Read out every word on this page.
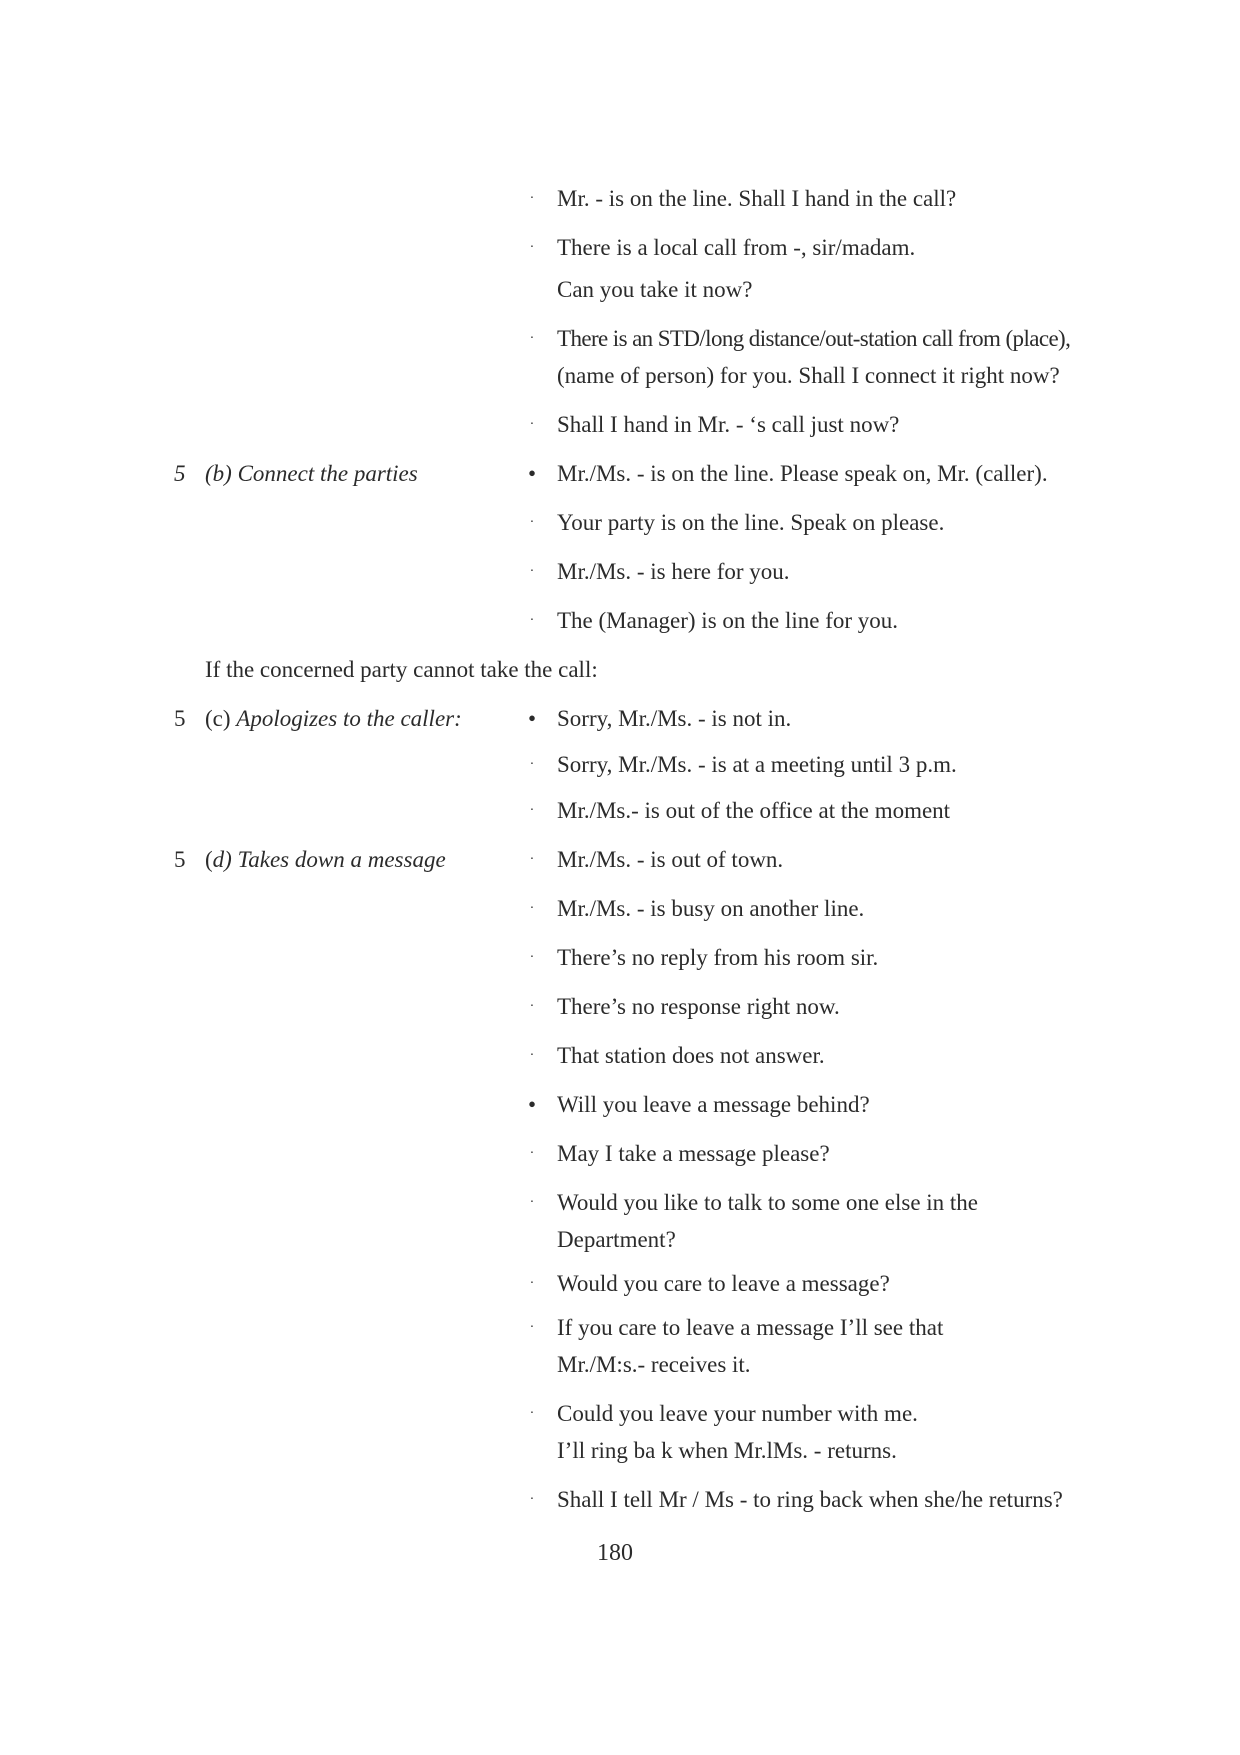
· Mr. - is on the line. Shall I hand in the call?
· There is a local call from -, sir/madam.
Can you take it now?
· There is an STD/long distance/out-station call from (place),
(name of person) for you. Shall I connect it right now?
· Shall I hand in Mr. - ‘s call just now?
5 (b) Connect the parties	• Mr./Ms. - is on the line. Please speak on, Mr. (caller).
· Your party is on the line. Speak on please.
· Mr./Ms. - is here for you.
· The (Manager) is on the line for you.
If the concerned party cannot take the call:
5 (c) Apologizes to the caller:	• Sorry, Mr./Ms. - is not in.
· Sorry, Mr./Ms. - is at a meeting until 3 p.m.
· Mr./Ms.- is out of the office at the moment
5 (d) Takes down a message	· Mr./Ms. - is out of town.
· Mr./Ms. - is busy on another line.
· There’s no reply from his room sir.
· There’s no response right now.
· That station does not answer.
• Will you leave a message behind?
· May I take a message please?
· Would you like to talk to some one else in the
Department?
· Would you care to leave a message?
· If you care to leave a message I’ll see that
Mr./M:s.- receives it.
· Could you leave your number with me.
I’ll ring ba k when Mr.lMs. - returns.
· Shall I tell Mr / Ms - to ring back when she/he returns?
180
